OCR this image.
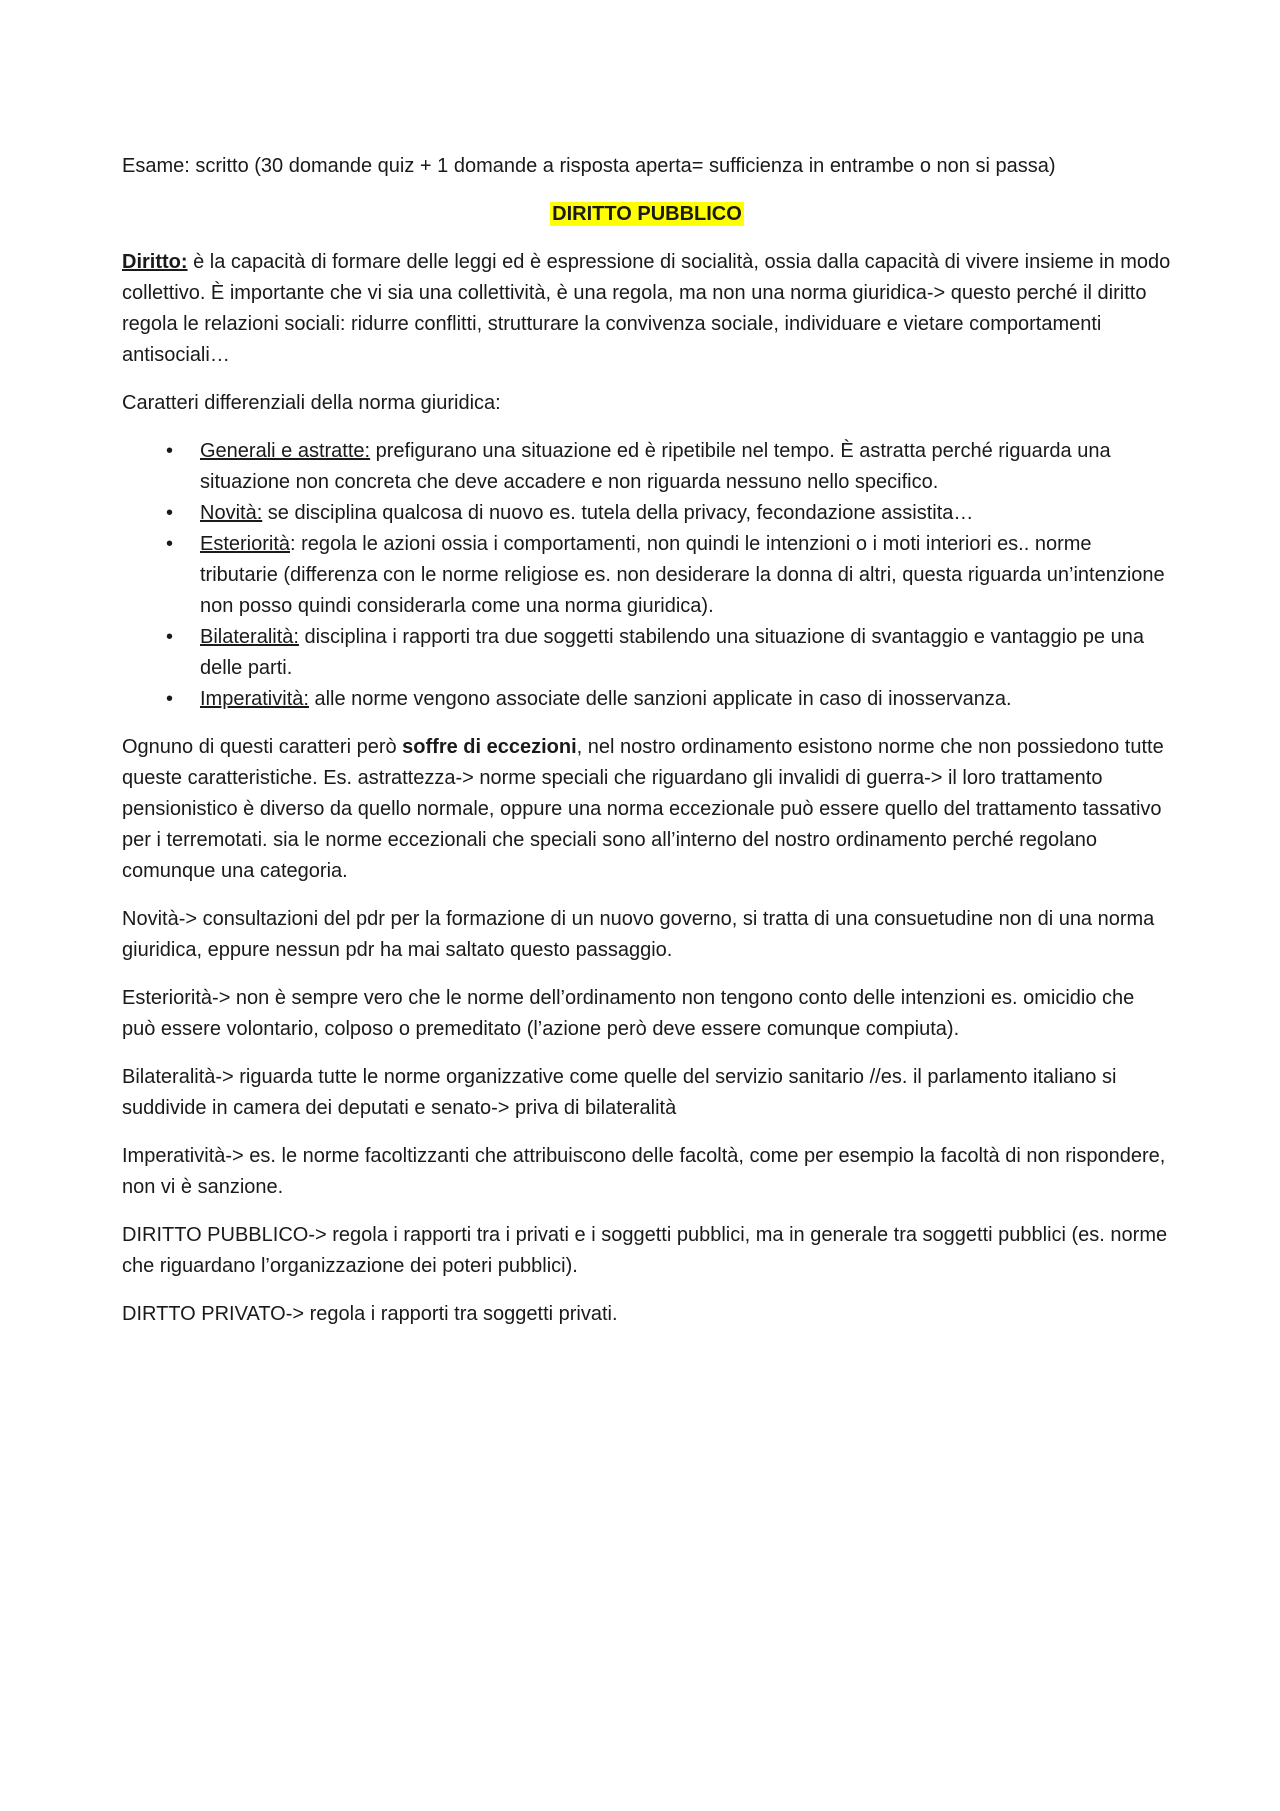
Esame: scritto (30 domande quiz + 1 domande a risposta aperta= sufficienza in entrambe o non si passa)

DIRITTO PUBBLICO

Diritto: è la capacità di formare delle leggi ed è espressione di socialità, ossia dalla capacità di vivere insieme in modo collettivo. È importante che vi sia una collettività, è una regola, ma non una norma giuridica-> questo perché il diritto regola le relazioni sociali: ridurre conflitti, strutturare la convivenza sociale, individuare e vietare comportamenti antisociali…

Caratteri differenziali della norma giuridica:

• Generali e astratte: prefigurano una situazione ed è ripetibile nel tempo. È astratta perché riguarda una situazione non concreta che deve accadere e non riguarda nessuno nello specifico.
• Novità: se disciplina qualcosa di nuovo es. tutela della privacy, fecondazione assistita…
• Esteriorità: regola le azioni ossia i comportamenti, non quindi le intenzioni o i moti interiori es.. norme tributarie (differenza con le norme religiose es. non desiderare la donna di altri, questa riguarda un’intenzione non posso quindi considerarla come una norma giuridica).
• Bilateralità: disciplina i rapporti tra due soggetti stabilendo una situazione di svantaggio e vantaggio pe una delle parti.
• Imperatività: alle norme vengono associate delle sanzioni applicate in caso di inosservanza.

Ognuno di questi caratteri però soffre di eccezioni, nel nostro ordinamento esistono norme che non possiedono tutte queste caratteristiche. Es. astrattezza-> norme speciali che riguardano gli invalidi di guerra-> il loro trattamento pensionistico è diverso da quello normale, oppure una norma eccezionale può essere quello del trattamento tassativo per i terremotati. sia le norme eccezionali che speciali sono all’interno del nostro ordinamento perché regolano comunque una categoria.

Novità-> consultazioni del pdr per la formazione di un nuovo governo, si tratta di una consuetudine non di una norma giuridica, eppure nessun pdr ha mai saltato questo passaggio.

Esteriorità-> non è sempre vero che le norme dell’ordinamento non tengono conto delle intenzioni es. omicidio che può essere volontario, colposo o premeditato (l’azione però deve essere comunque compiuta).

Bilateralità-> riguarda tutte le norme organizzative come quelle del servizio sanitario //es. il parlamento italiano si suddivide in camera dei deputati e senato-> priva di bilateralità

Imperatività-> es. le norme facoltizzanti che attribuiscono delle facoltà, come per esempio la facoltà di non rispondere, non vi è sanzione.

DIRITTO PUBBLICO-> regola i rapporti tra i privati e i soggetti pubblici, ma in generale tra soggetti pubblici (es. norme che riguardano l’organizzazione dei poteri pubblici).

DIRTTO PRIVATO-> regola i rapporti tra soggetti privati.
